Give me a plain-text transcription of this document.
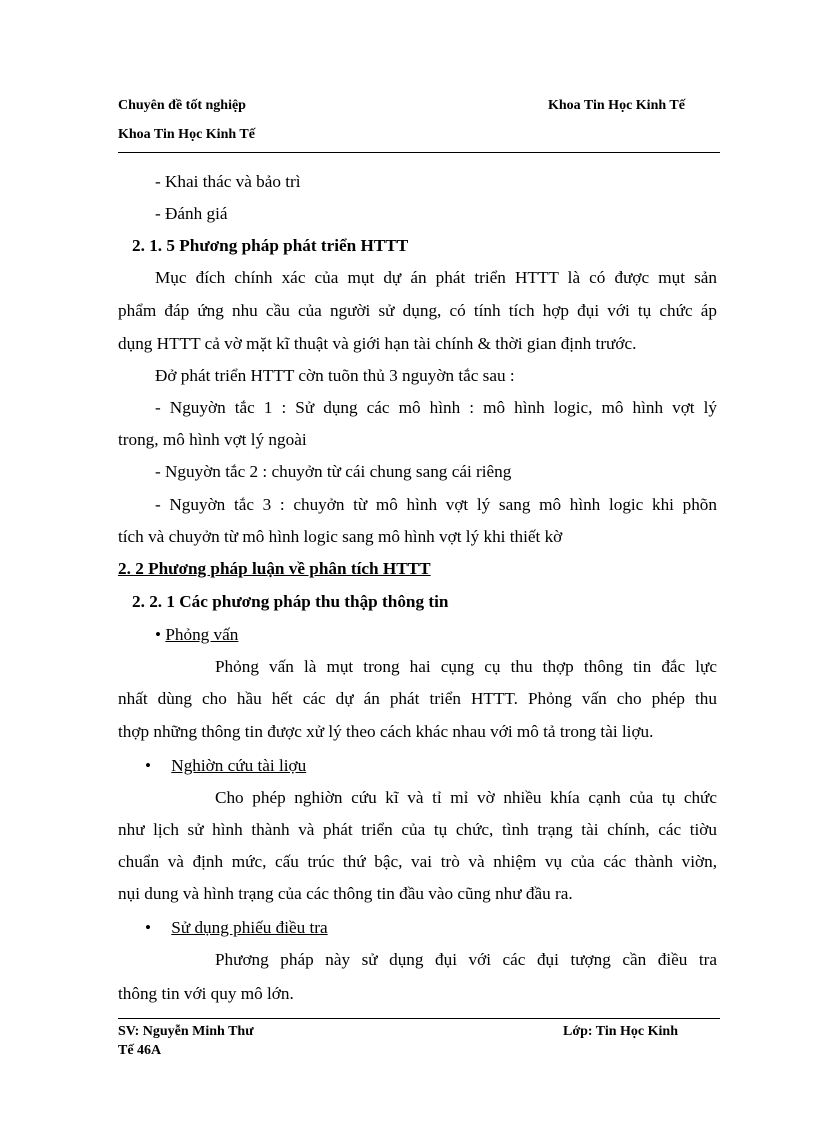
Chuyên đề tốt nghiệp	Khoa Tin Học Kinh Tế
Khoa Tin Học Kinh Tế
- Khai thác và bảo trì
- Đánh giá
2. 1. 5 Phương pháp phát triển HTTT
Mục đích chính xác của mụt dự án phát triển HTTT là có được mụt sản
phẩm đáp ứng nhu cầu của người sử dụng, có tính tích hợp đụi với tụ chức áp
dụng HTTT cả vờ mặt kĩ thuật và giới hạn tài chính & thời gian định trước.
Đở phát triển HTTT cờn tuõn thủ 3 nguyờn tắc sau :
- Nguyờn tắc 1 : Sử dụng các mô hình : mô hình logic, mô hình vợt lý
trong, mô hình vợt lý ngoài
- Nguyờn tắc 2 : chuyởn từ cái chung sang cái riêng
- Nguyờn tắc 3 : chuyởn từ mô hình vợt lý sang mô hình logic khi phõn
tích và chuyởn từ mô hình logic sang mô hình vợt lý khi thiết kờ
2. 2 Phương pháp luận về phân tích HTTT
2. 2. 1 Các phương pháp thu thập thông tin
• Phỏng vấn
Phỏng vấn là mụt trong hai cụng cụ thu thợp thông tin đắc lực
nhất dùng cho hầu hết các dự án phát triển HTTT. Phỏng vấn cho phép thu
thợp những thông tin được xử lý theo cách khác nhau với mô tả trong tài liợu.
• Nghiờn cứu tài liợu
Cho phép nghiờn cứu kĩ và tỉ mỉ vờ nhiều khía cạnh của tụ chức
như lịch sử hình thành và phát triển của tụ chức, tình trạng tài chính, các tiờu
chuẩn và định mức, cấu trúc thứ bậc, vai trò và nhiệm vụ của các thành viờn,
nụi dung và hình trạng của các thông tin đầu vào cũng như đầu ra.
• Sử dụng phiếu điều tra
Phương pháp này sử dụng đụi với các đụi tượng cần điều tra
thông tin với quy mô lớn.
SV: Nguyễn Minh Thư	Lớp: Tin Học Kinh
Tế 46A
